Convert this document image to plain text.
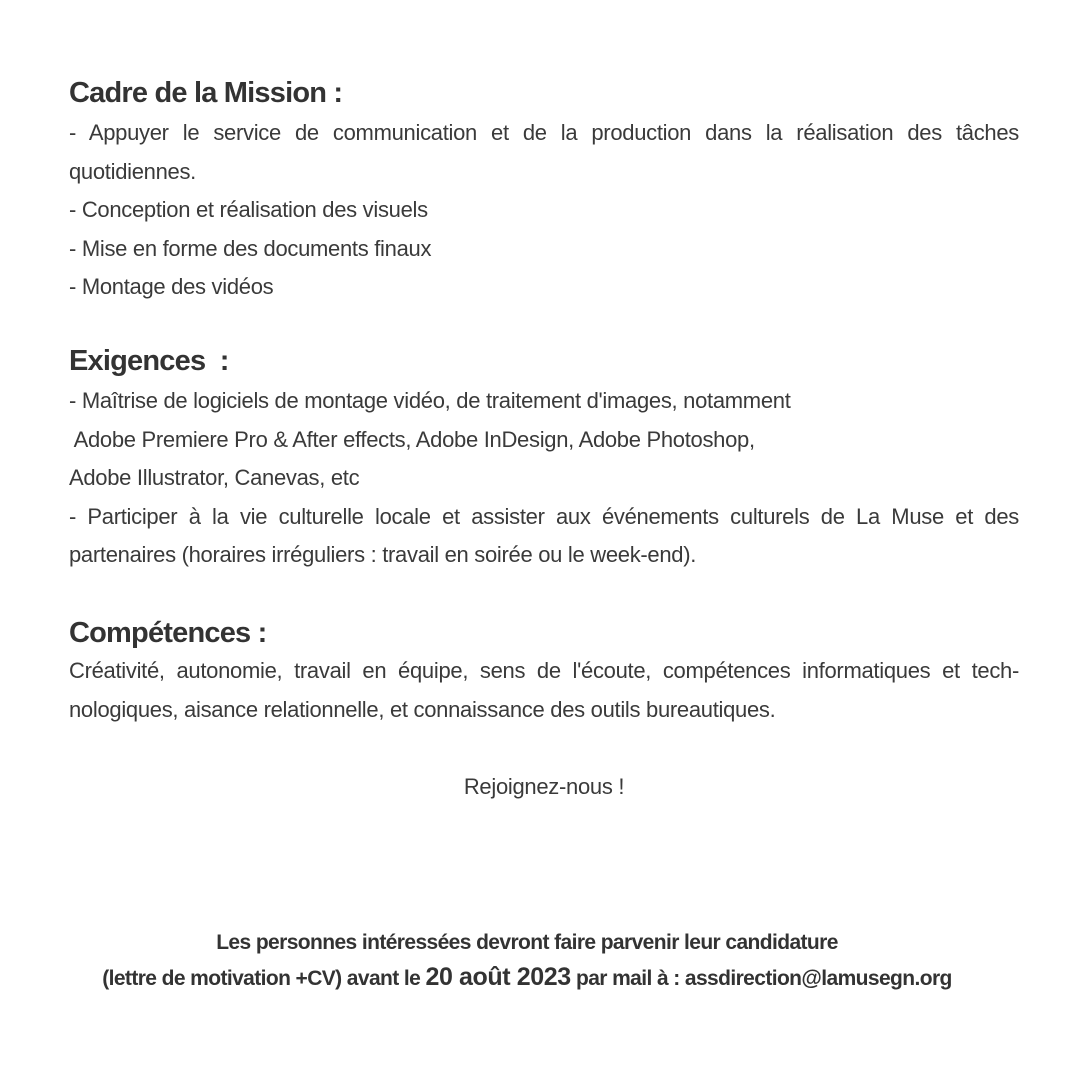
Cadre de la Mission :
- Appuyer le service de communication et de la production dans la réalisation des tâches quotidiennes.
- Conception et réalisation des visuels
- Mise en forme des documents finaux
- Montage des vidéos
Exigences  :
- Maîtrise de logiciels de montage vidéo, de traitement d'images, notamment
Adobe Premiere Pro & After effects, Adobe InDesign, Adobe Photoshop,
Adobe Illustrator, Canevas, etc
- Participer à la vie culturelle locale et assister aux événements culturels de La Muse et des partenaires (horaires irréguliers : travail en soirée ou le week-end).
Compétences :
Créativité, autonomie, travail en équipe, sens de l'écoute, compétences informatiques et tech-nologiques, aisance relationnelle, et connaissance des outils bureautiques.
Rejoignez-nous !
Les personnes intéressées devront faire parvenir leur candidature
(lettre de motivation +CV) avant le 20 août 2023 par mail à : assdirection@lamusegn.org
